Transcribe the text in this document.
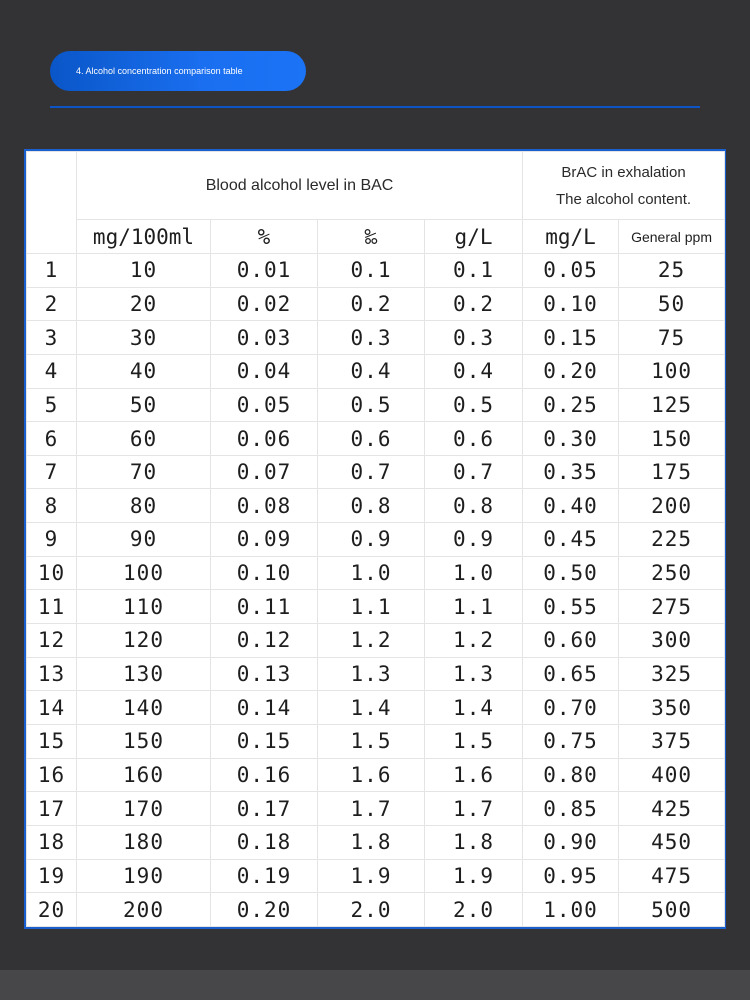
4. Alcohol concentration comparison table
	Blood alcohol level in BAC				BrAC in exhalation
The alcohol content.	

	mg/100ml	%	‰	g/L	mg/L	General ppm
1	10	0.01	0.1	0.1	0.05	25
2	20	0.02	0.2	0.2	0.10	50
3	30	0.03	0.3	0.3	0.15	75
4	40	0.04	0.4	0.4	0.20	100
5	50	0.05	0.5	0.5	0.25	125
6	60	0.06	0.6	0.6	0.30	150
7	70	0.07	0.7	0.7	0.35	175
8	80	0.08	0.8	0.8	0.40	200
9	90	0.09	0.9	0.9	0.45	225
10	100	0.10	1.0	1.0	0.50	250
11	110	0.11	1.1	1.1	0.55	275
12	120	0.12	1.2	1.2	0.60	300
13	130	0.13	1.3	1.3	0.65	325
14	140	0.14	1.4	1.4	0.70	350
15	150	0.15	1.5	1.5	0.75	375
16	160	0.16	1.6	1.6	0.80	400
17	170	0.17	1.7	1.7	0.85	425
18	180	0.18	1.8	1.8	0.90	450
19	190	0.19	1.9	1.9	0.95	475
20	200	0.20	2.0	2.0	1.00	500
